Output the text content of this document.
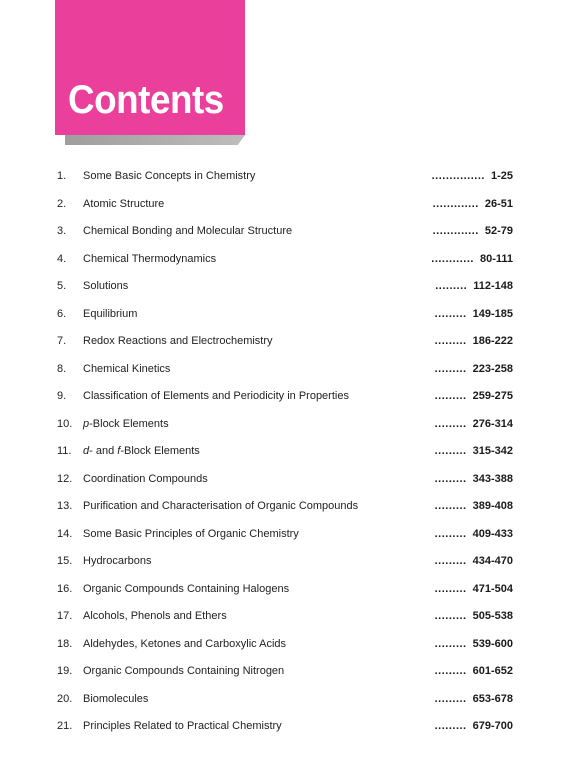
Contents
1. Some Basic Concepts in Chemistry	............... 1-25
2. Atomic Structure	............. 26-51
3. Chemical Bonding and Molecular Structure	............. 52-79
4. Chemical Thermodynamics	............ 80-111
5. Solutions	......... 112-148
6. Equilibrium	......... 149-185
7. Redox Reactions and Electrochemistry	......... 186-222
8. Chemical Kinetics	......... 223-258
9. Classification of Elements and Periodicity in Properties	......... 259-275
10. p-Block Elements	......... 276-314
11. d- and f-Block Elements	......... 315-342
12. Coordination Compounds	......... 343-388
13. Purification and Characterisation of Organic Compounds	......... 389-408
14. Some Basic Principles of Organic Chemistry	......... 409-433
15. Hydrocarbons	......... 434-470
16. Organic Compounds Containing Halogens	......... 471-504
17. Alcohols, Phenols and Ethers	......... 505-538
18. Aldehydes, Ketones and Carboxylic Acids	......... 539-600
19. Organic Compounds Containing Nitrogen	......... 601-652
20. Biomolecules	......... 653-678
21. Principles Related to Practical Chemistry	......... 679-700
